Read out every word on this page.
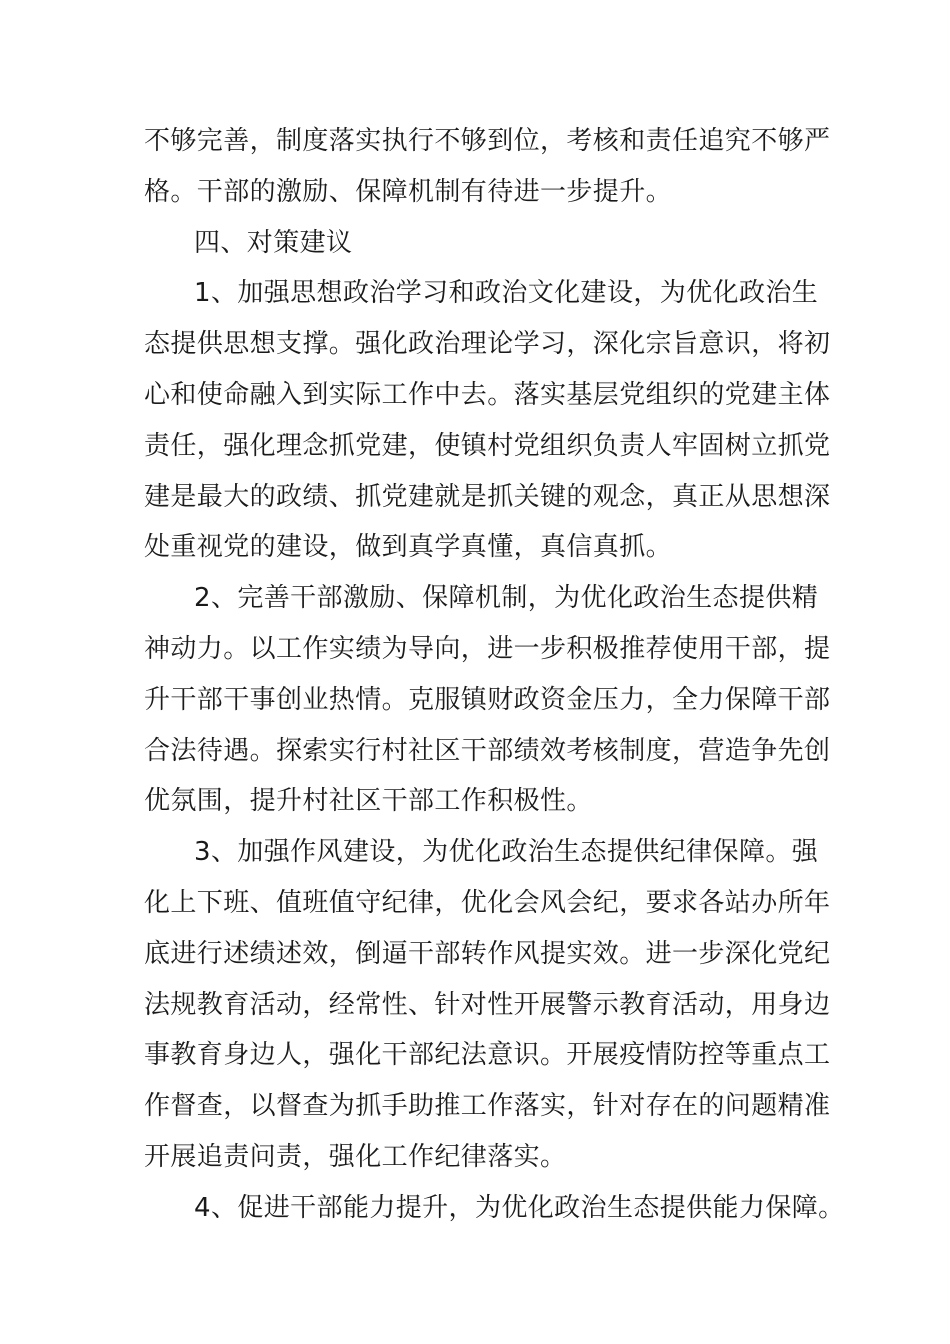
不够完善，制度落实执行不够到位，考核和责任追究不够严
格。干部的激励、保障机制有待进一步提升。
四、对策建议
1、加强思想政治学习和政治文化建设，为优化政治生
态提供思想支撑。强化政治理论学习，深化宗旨意识，将初
心和使命融入到实际工作中去。落实基层党组织的党建主体
责任，强化理念抓党建，使镇村党组织负责人牢固树立抓党
建是最大的政绩、抓党建就是抓关键的观念，真正从思想深
处重视党的建设，做到真学真懂，真信真抓。
2、完善干部激励、保障机制，为优化政治生态提供精
神动力。以工作实绩为导向，进一步积极推荐使用干部，提
升干部干事创业热情。克服镇财政资金压力，全力保障干部
合法待遇。探索实行村社区干部绩效考核制度，营造争先创
优氛围，提升村社区干部工作积极性。
3、加强作风建设，为优化政治生态提供纪律保障。强
化上下班、值班值守纪律，优化会风会纪，要求各站办所年
底进行述绩述效，倒逼干部转作风提实效。进一步深化党纪
法规教育活动，经常性、针对性开展警示教育活动，用身边
事教育身边人，强化干部纪法意识。开展疫情防控等重点工
作督查，以督查为抓手助推工作落实，针对存在的问题精准
开展追责问责，强化工作纪律落实。
4、促进干部能力提升，为优化政治生态提供能力保障。
